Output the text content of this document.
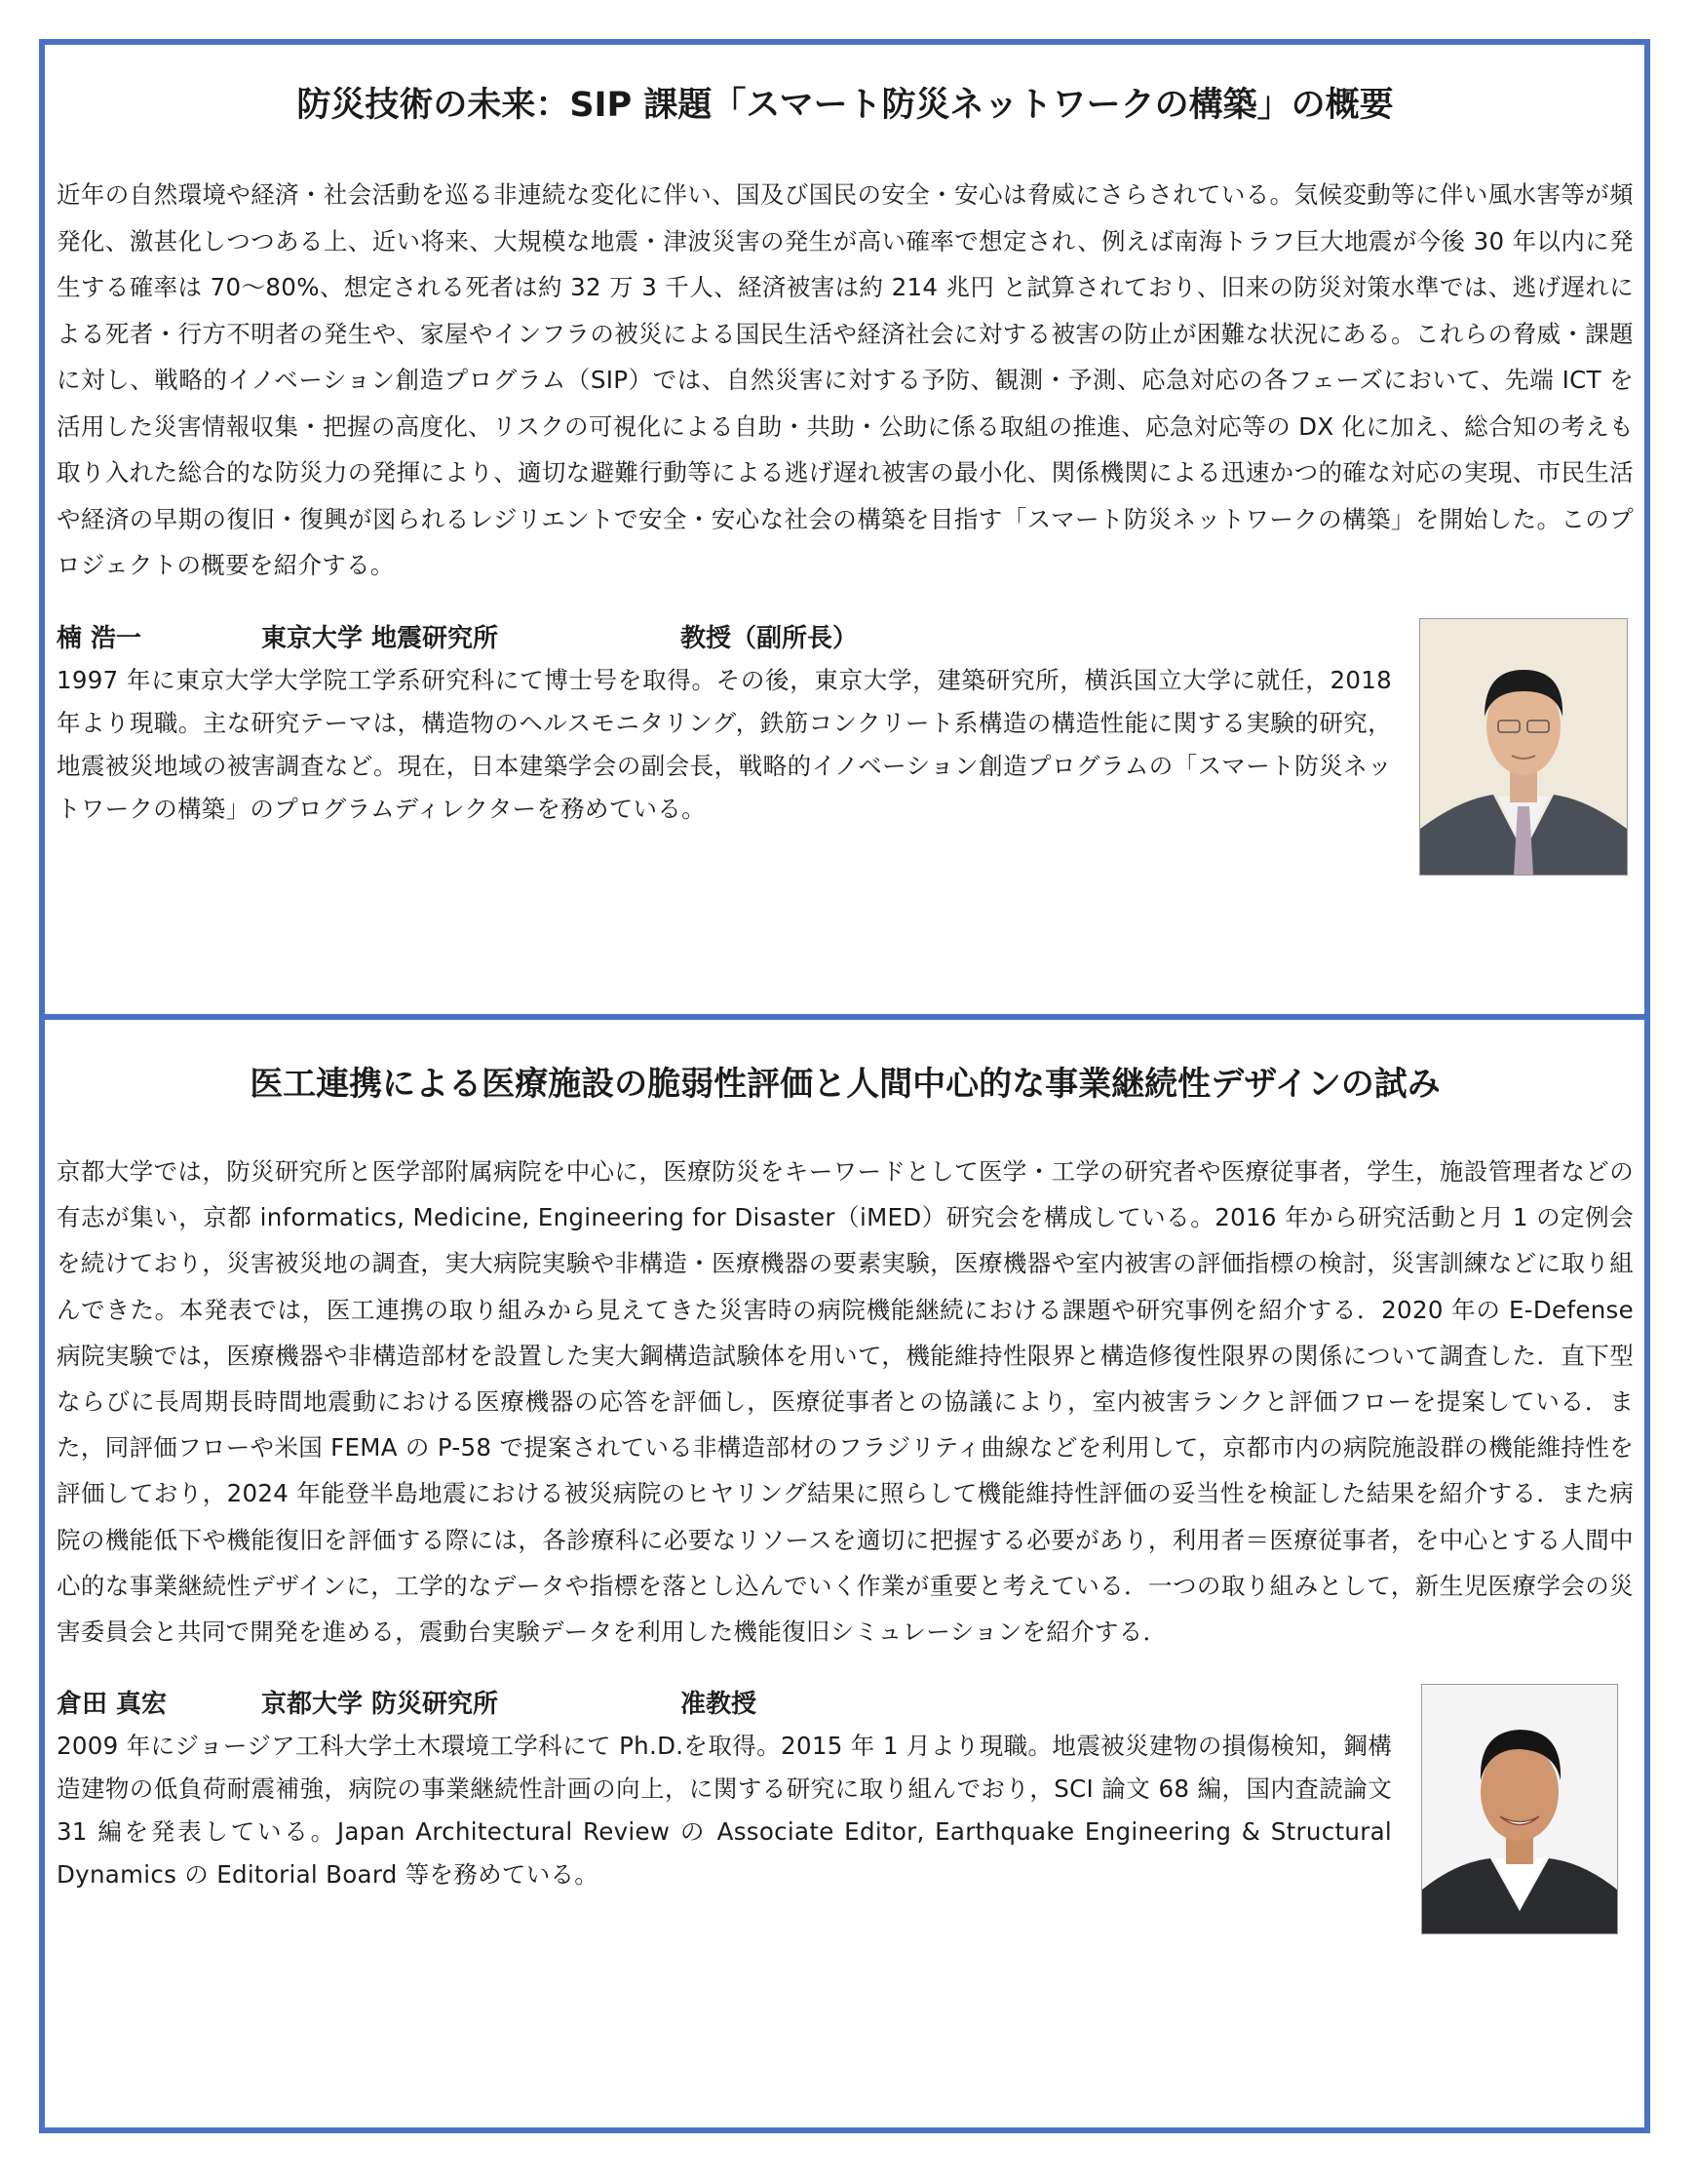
防災技術の未来：SIP 課題「スマート防災ネットワークの構築」の概要

近年の自然環境や経済・社会活動を巡る非連続な変化に伴い、国及び国民の安全・安心は脅威にさらされている。気候変動等に伴い風水害等が頻発化、激甚化しつつある上、近い将来、大規模な地震・津波災害の発生が高い確率で想定され、例えば南海トラフ巨大地震が今後 30 年以内に発生する確率は 70～80%、想定される死者は約 32 万 3 千人、経済被害は約 214 兆円 と試算されており、旧来の防災対策水準では、逃げ遅れによる死者・行方不明者の発生や、家屋やインフラの被災による国民生活や経済社会に対する被害の防止が困難な状況にある。これらの脅威・課題に対し、戦略的イノベーション創造プログラム（SIP）では、自然災害に対する予防、観測・予測、応急対応の各フェーズにおいて、先端 ICT を活用した災害情報収集・把握の高度化、リスクの可視化による自助・共助・公助に係る取組の推進、応急対応等の DX 化に加え、総合知の考えも取り入れた総合的な防災力の発揮により、適切な避難行動等による逃げ遅れ被害の最小化、関係機関による迅速かつ的確な対応の実現、市民生活や経済の早期の復旧・復興が図られるレジリエントで安全・安心な社会の構築を目指す「スマート防災ネットワークの構築」を開始した。このプロジェクトの概要を紹介する。

楠 浩一	東京大学 地震研究所	教授（副所長）

1997 年に東京大学大学院工学系研究科にて博士号を取得。その後，東京大学，建築研究所，横浜国立大学に就任，2018 年より現職。主な研究テーマは，構造物のヘルスモニタリング，鉄筋コンクリート系構造の構造性能に関する実験的研究，地震被災地域の被害調査など。現在，日本建築学会の副会長，戦略的イノベーション創造プログラムの「スマート防災ネットワークの構築」のプログラムディレクターを務めている。

医工連携による医療施設の脆弱性評価と人間中心的な事業継続性デザインの試み

京都大学では，防災研究所と医学部附属病院を中心に，医療防災をキーワードとして医学・工学の研究者や医療従事者，学生，施設管理者などの有志が集い，京都 informatics, Medicine, Engineering for Disaster（iMED）研究会を構成している。2016 年から研究活動と月 1 の定例会を続けており，災害被災地の調査，実大病院実験や非構造・医療機器の要素実験，医療機器や室内被害の評価指標の検討，災害訓練などに取り組んできた。本発表では，医工連携の取り組みから見えてきた災害時の病院機能継続における課題や研究事例を紹介する．2020 年の E-Defense 病院実験では，医療機器や非構造部材を設置した実大鋼構造試験体を用いて，機能維持性限界と構造修復性限界の関係について調査した．直下型ならびに長周期長時間地震動における医療機器の応答を評価し，医療従事者との協議により，室内被害ランクと評価フローを提案している．また，同評価フローや米国 FEMA の P-58 で提案されている非構造部材のフラジリティ曲線などを利用して，京都市内の病院施設群の機能維持性を評価しており，2024 年能登半島地震における被災病院のヒヤリング結果に照らして機能維持性評価の妥当性を検証した結果を紹介する．また病院の機能低下や機能復旧を評価する際には，各診療科に必要なリソースを適切に把握する必要があり，利用者＝医療従事者，を中心とする人間中心的な事業継続性デザインに，工学的なデータや指標を落とし込んでいく作業が重要と考えている．一つの取り組みとして，新生児医療学会の災害委員会と共同で開発を進める，震動台実験データを利用した機能復旧シミュレーションを紹介する．

倉田 真宏	京都大学 防災研究所	准教授

2009 年にジョージア工科大学土木環境工学科にて Ph.D.を取得。2015 年 1 月より現職。地震被災建物の損傷検知，鋼構造建物の低負荷耐震補強，病院の事業継続性計画の向上，に関する研究に取り組んでおり，SCI 論文 68 編，国内査読論文 31 編を発表している。Japan Architectural Review の Associate Editor, Earthquake Engineering & Structural Dynamics の Editorial Board 等を務めている。
